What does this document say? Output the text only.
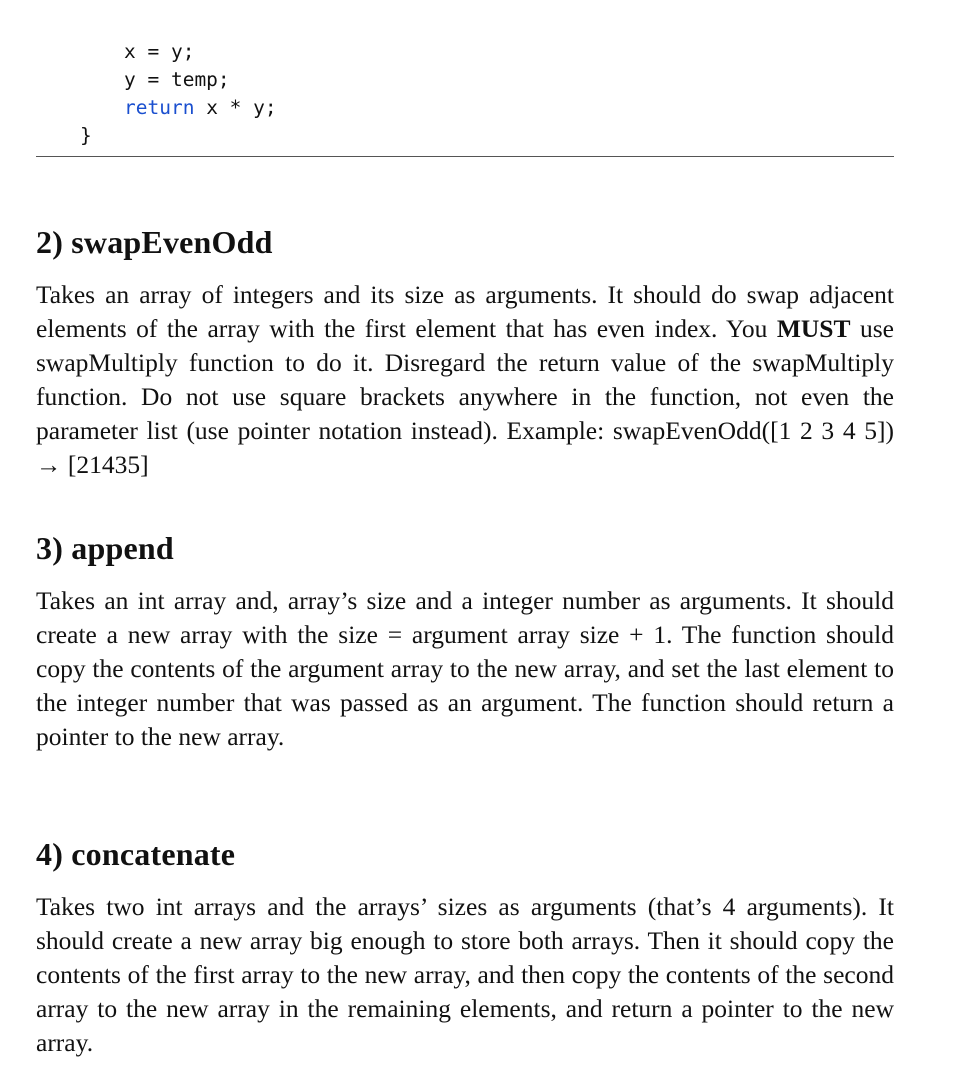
x = y;
y = temp;
return x * y;
}
2) swapEvenOdd

Takes an array of integers and its size as arguments. It should do swap adjacent elements of the array with the first element that has even index. You MUST use swapMultiply function to do it. Disregard the return value of the swapMultiply function. Do not use square brackets anywhere in the function, not even the parameter list (use pointer notation instead). Example: swapEvenOdd([1 2 3 4 5]) → [21435]

3) append

Takes an int array and, array’s size and a integer number as arguments. It should create a new array with the size = argument array size + 1. The function should copy the contents of the argument array to the new array, and set the last element to the integer number that was passed as an argument. The function should return a pointer to the new array.

4) concatenate

Takes two int arrays and the arrays’ sizes as arguments (that’s 4 arguments). It should create a new array big enough to store both arrays. Then it should copy the contents of the first array to the new array, and then copy the contents of the second array to the new array in the remaining elements, and return a pointer to the new array.
